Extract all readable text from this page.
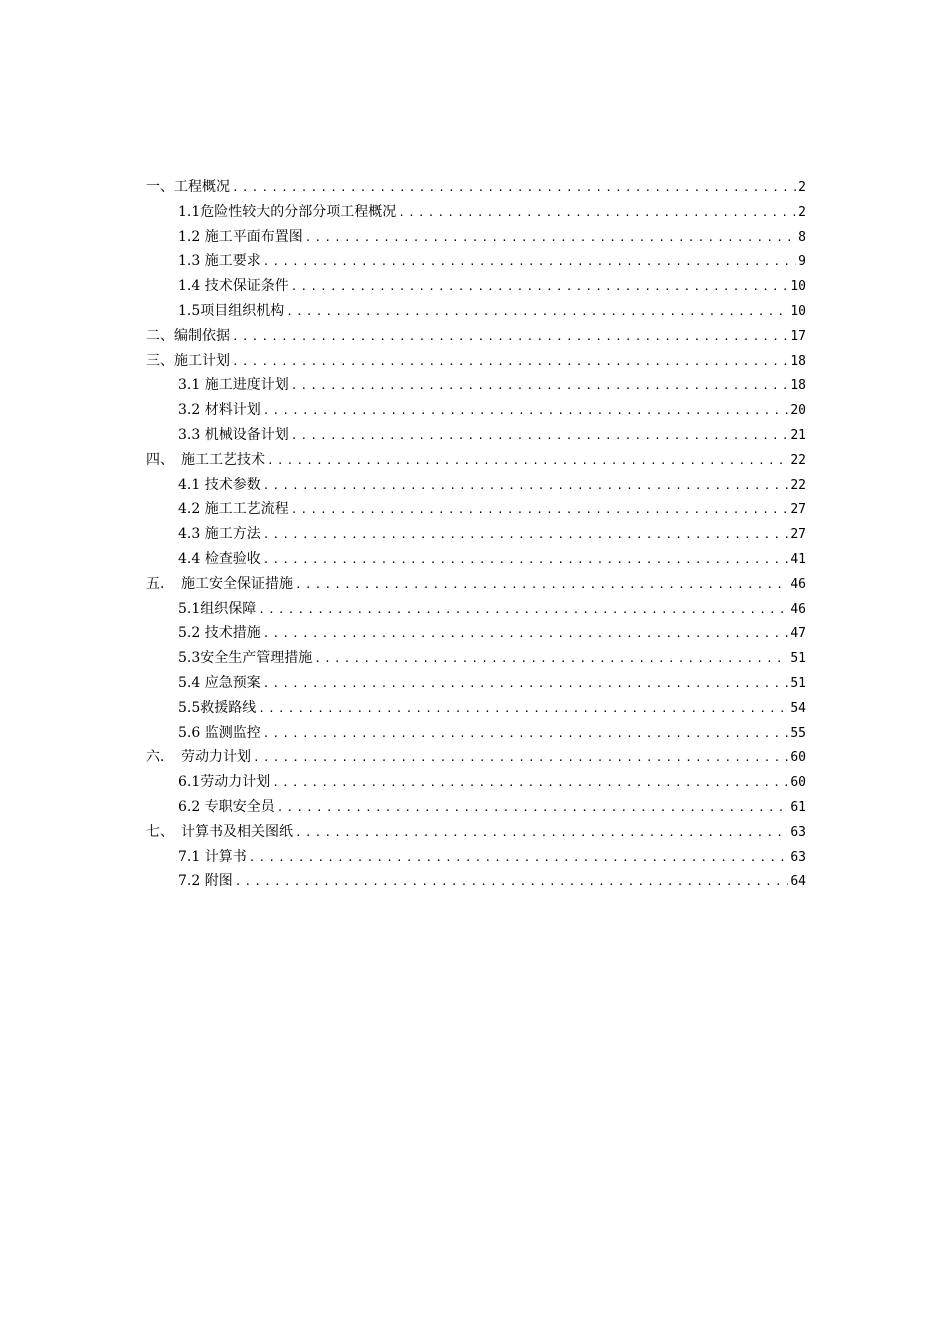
一、工程概况 .....	2
1.1危险性较大的分部分项工程概况 .....	2
1.2 施工平面布置图 .....	8
1.3 施工要求 .....	9
1.4 技术保证条件 .....	10
1.5项目组织机构 .....	10
二、编制依据 .....	17
三、施工计划 .....	18
3.1 施工进度计划 .....	18
3.2 材料计划 .....	20
3.3 机械设备计划 .....	21
四、　施工工艺技术 .....	22
4.1 技术参数 .....	22
4.2 施工工艺流程 .....	27
4.3 施工方法 .....	27
4.4 检查验收 .....	41
五．　施工安全保证措施 .....	46
5.1组织保障 .....	46
5.2 技术措施 .....	47
5.3安全生产管理措施 .....	51
5.4 应急预案 .....	51
5.5救援路线 .....	54
5.6 监测监控 .....	55
六．　劳动力计划 .....	60
6.1劳动力计划 .....	60
6.2 专职安全员 .....	61
七、　计算书及相关图纸 .....	63
7.1 计算书 .....	63
7.2 附图 .....	64
